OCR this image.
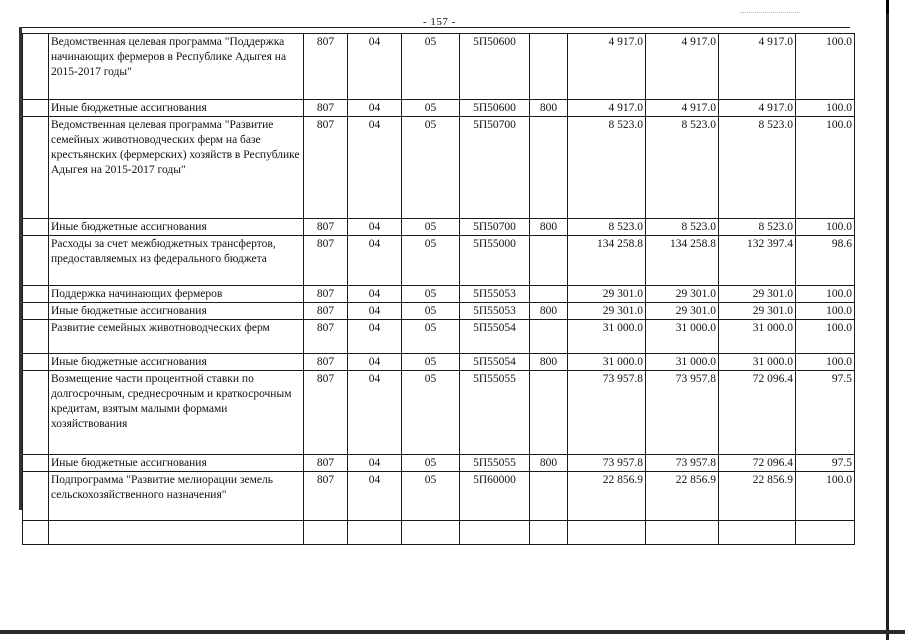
- 157 -
	Ведомственная целевая программа "Поддержка начинающих фермеров в Республике Адыгея на 2015-2017 годы"	807	04	05	5П50600		4 917.0	4 917.0	4 917.0	100.0
	Иные бюджетные ассигнования	807	04	05	5П50600	800	4 917.0	4 917.0	4 917.0	100.0
	Ведомственная целевая программа "Развитие семейных животноводческих ферм на базе крестьянских (фермерских) хозяйств в Республике Адыгея на 2015-2017 годы"	807	04	05	5П50700		8 523.0	8 523.0	8 523.0	100.0
	Иные бюджетные ассигнования	807	04	05	5П50700	800	8 523.0	8 523.0	8 523.0	100.0
	Расходы за счет межбюджетных трансфертов, предоставляемых из федерального бюджета	807	04	05	5П55000		134 258.8	134 258.8	132 397.4	98.6
	Поддержка начинающих фермеров	807	04	05	5П55053		29 301.0	29 301.0	29 301.0	100.0
	Иные бюджетные ассигнования	807	04	05	5П55053	800	29 301.0	29 301.0	29 301.0	100.0
	Развитие семейных животноводческих ферм	807	04	05	5П55054		31 000.0	31 000.0	31 000.0	100.0
	Иные бюджетные ассигнования	807	04	05	5П55054	800	31 000.0	31 000.0	31 000.0	100.0
	Возмещение части процентной ставки по долгосрочным, среднесрочным и краткосрочным кредитам, взятым малыми формами хозяйствования	807	04	05	5П55055		73 957.8	73 957.8	72 096.4	97.5
	Иные бюджетные ассигнования	807	04	05	5П55055	800	73 957.8	73 957.8	72 096.4	97.5
	Подпрограмма "Развитие мелиорации земель сельскохозяйственного назначения"	807	04	05	5П60000		22 856.9	22 856.9	22 856.9	100.0
